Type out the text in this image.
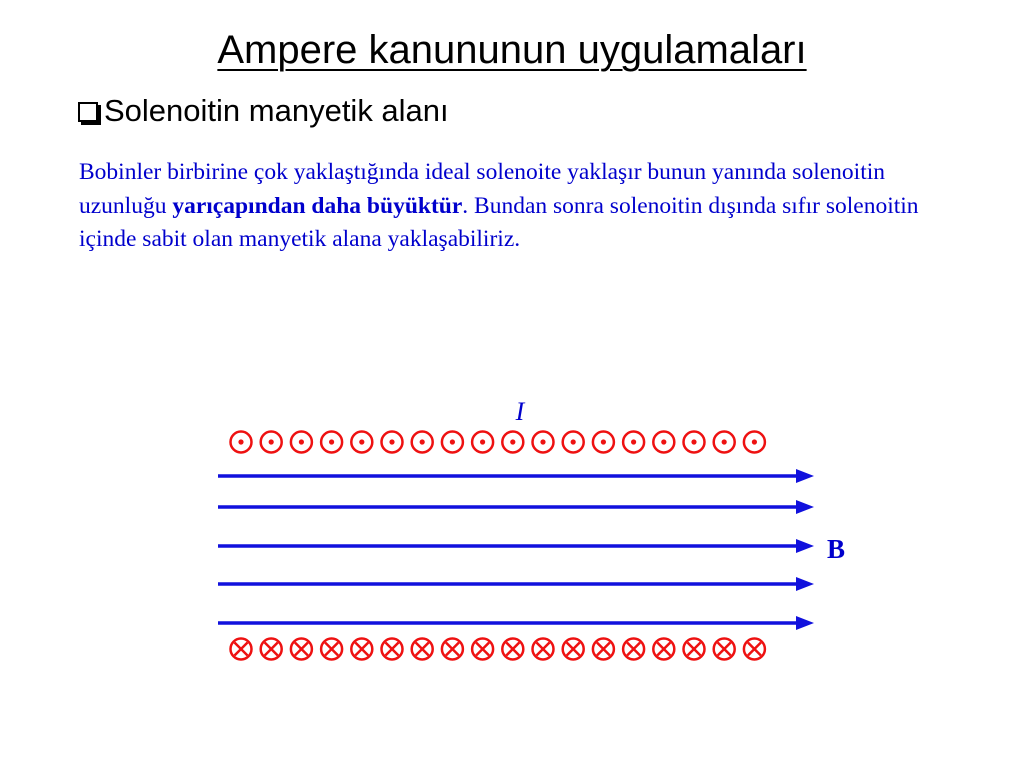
Ampere kanununun uygulamaları
Solenoitin manyetik alanı

Bobinler birbirine çok yaklaştığında ideal solenoite yaklaşır bunun yanında solenoitin uzunluğu yarıçapından daha büyüktür. Bundan sonra solenoitin dışında sıfır solenoitin içinde sabit olan manyetik alana yaklaşabiliriz.

I
B
